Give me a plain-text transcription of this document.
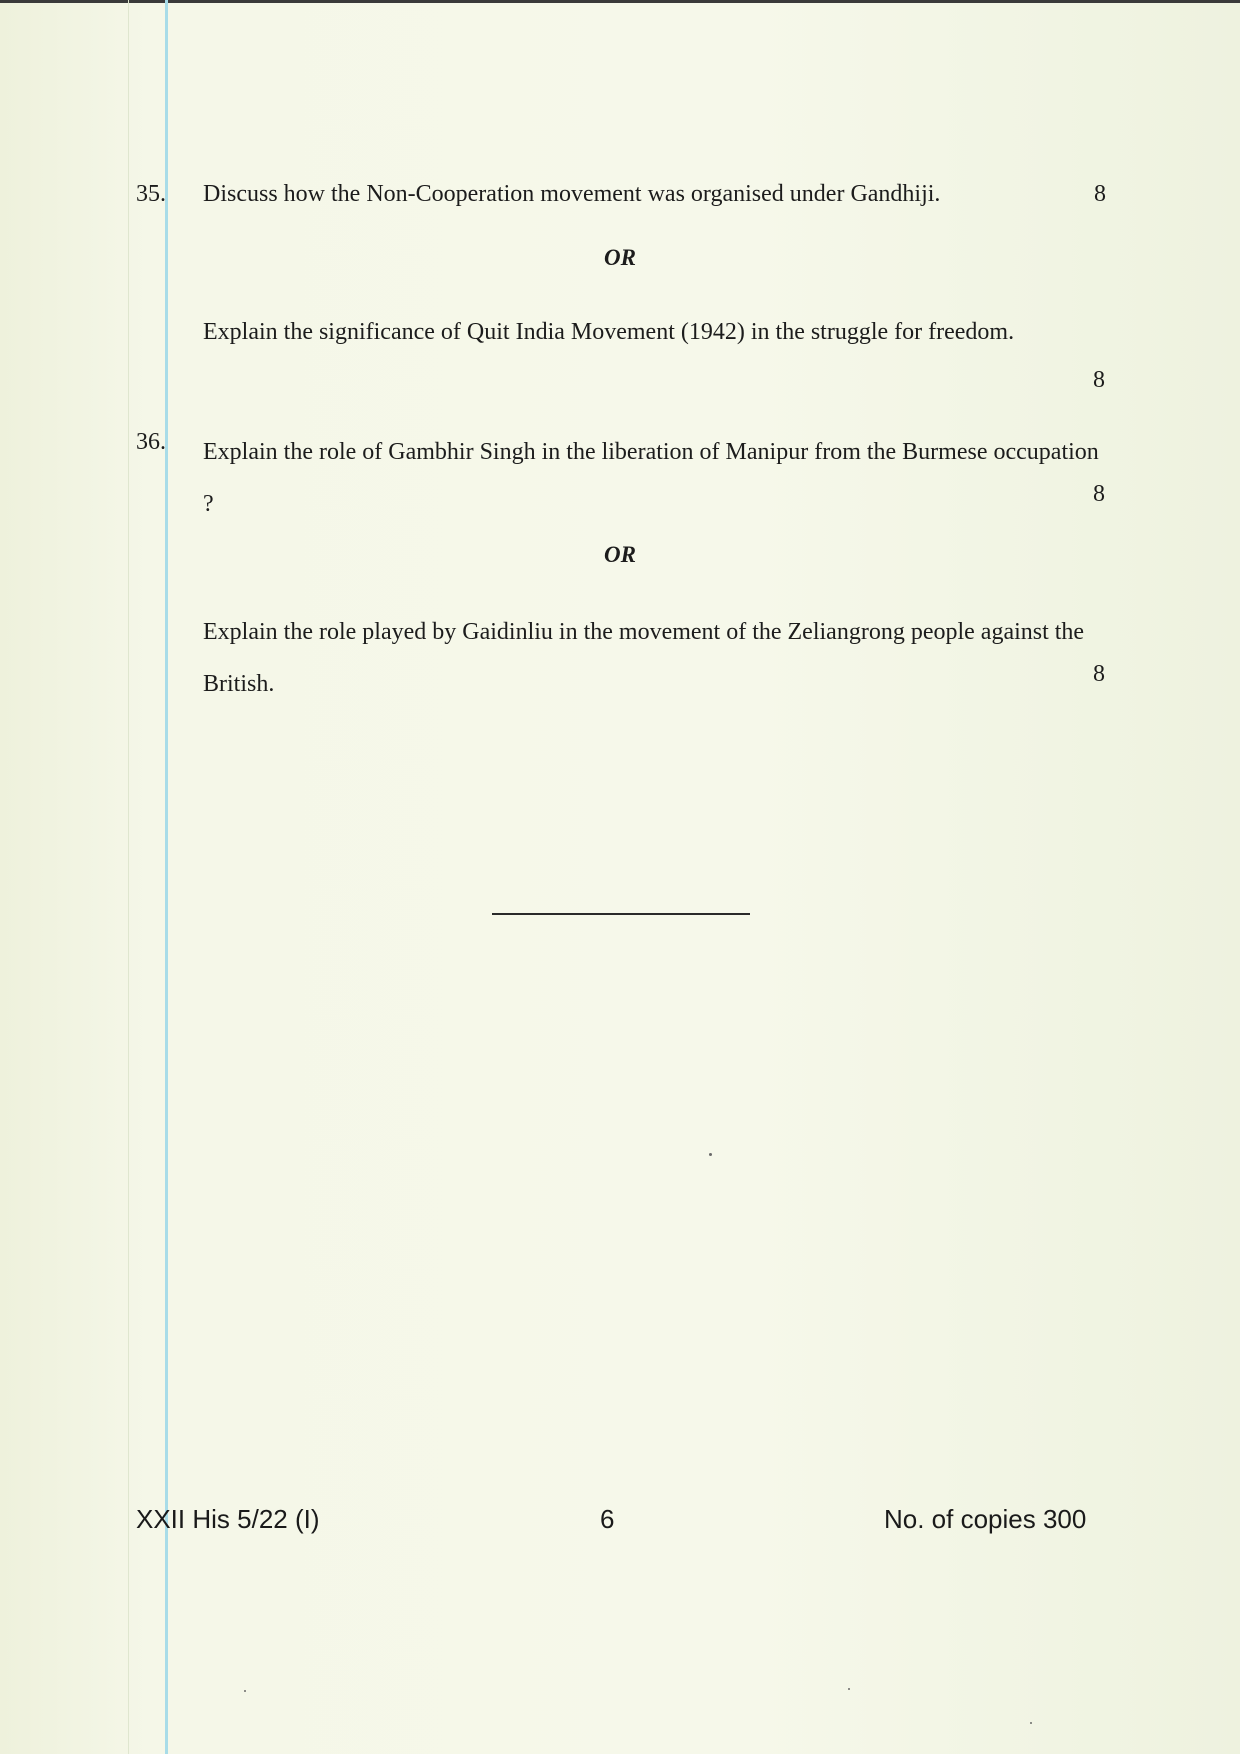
35. Discuss how the Non-Cooperation movement was organised under Gandhiji.	8
OR
Explain the significance of Quit India Movement (1942) in the struggle for freedom.
8
36. Explain the role of Gambhir Singh in the liberation of Manipur from the Burmese occupation ?	8
OR
Explain the role played by Gaidinliu in the movement of the Zeliangrong people against the British.	8
XXII His 5/22 (I)	6	No. of copies 300
